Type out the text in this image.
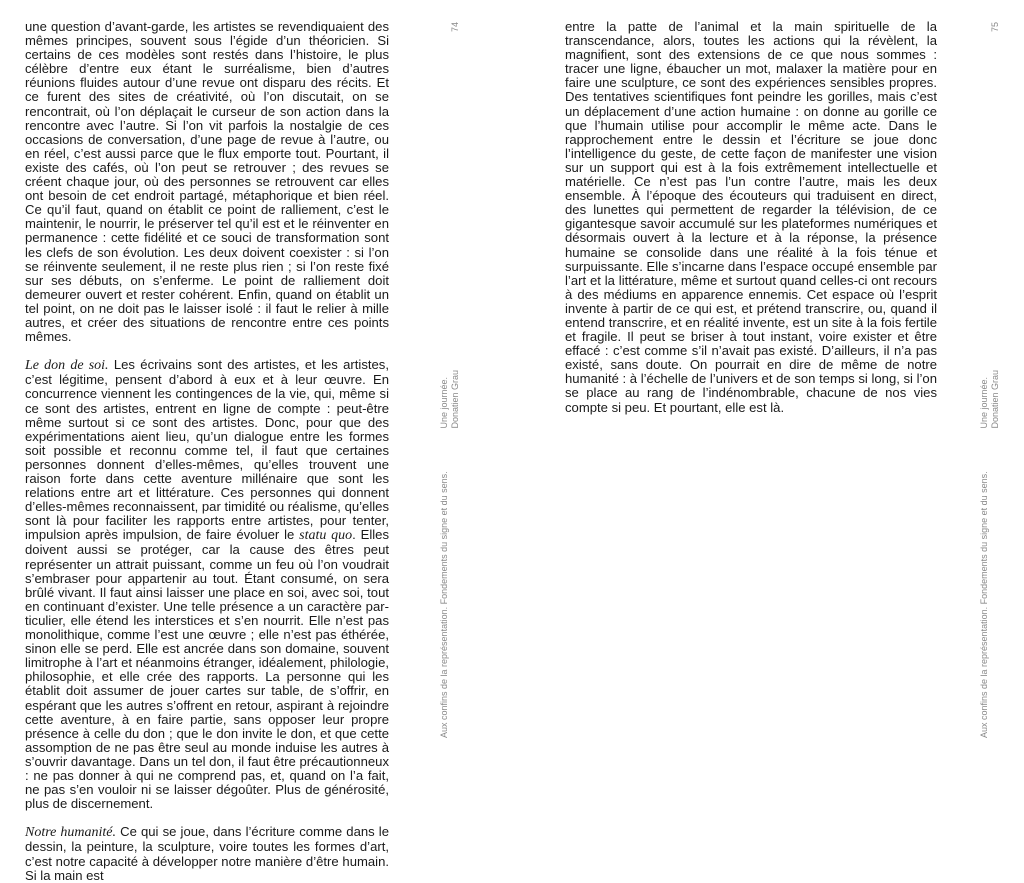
une question d’avant-garde, les artistes se revendiquaient des mêmes principes, souvent sous l’égide d’un théoricien. Si certains de ces modèles sont restés dans l’histoire, le plus célèbre d’entre eux étant le surréalisme, bien d’autres réunions fluides autour d’une revue ont disparu des récits. Et ce furent des sites de créativité, où l’on discutait, on se rencontrait, où l’on déplaçait le curseur de son action dans la rencontre avec l’autre. Si l’on vit parfois la nostalgie de ces occasions de conversation, d’une page de revue à l’autre, ou en réel, c’est aussi parce que le flux emporte tout. Pourtant, il existe des cafés, où l’on peut se retrouver ; des revues se créent chaque jour, où des personnes se retrouvent car elles ont besoin de cet endroit partagé, métaphorique et bien réel. Ce qu’il faut, quand on établit ce point de ralliement, c’est le maintenir, le nourrir, le préserver tel qu’il est et le réinventer en permanence : cette fidélité et ce souci de transformation sont les clefs de son évolution. Les deux doivent coexister : si l’on se réinvente seulement, il ne reste plus rien ; si l’on reste fixé sur ses débuts, on s’enferme. Le point de ralliement doit demeurer ouvert et rester cohérent. Enfin, quand on établit un tel point, on ne doit pas le laisser isolé : il faut le relier à mille autres, et créer des situations de rencontre entre ces points mêmes.

Le don de soi. Les écrivains sont des artistes, et les artistes, c’est légitime, pensent d’abord à eux et à leur œuvre. En concurrence viennent les contingences de la vie, qui, même si ce sont des artistes, entrent en ligne de compte : peut-être même surtout si ce sont des artistes. Donc, pour que des expérimentations aient lieu, qu’un dialogue entre les formes soit possible et reconnu comme tel, il faut que certaines personnes donnent d’elles-mêmes, qu’elles trouvent une raison forte dans cette aventure millénaire que sont les relations entre art et littérature. Ces personnes qui donnent d’elles-mêmes reconnaissent, par timidité ou réalisme, qu’elles sont là pour faciliter les rapports entre artistes, pour tenter, impulsion après impulsion, de faire évoluer le statu quo. Elles doivent aussi se protéger, car la cause des êtres peut représenter un attrait puissant, comme un feu où l’on voudrait s’embraser pour appartenir au tout. Étant consumé, on sera brûlé vivant. Il faut ainsi laisser une place en soi, avec soi, tout en continuant d’exister. Une telle présence a un caractère particulier, elle étend les interstices et s’en nourrit. Elle n’est pas monolithique, comme l’est une œuvre ; elle n’est pas éthérée, sinon elle se perd. Elle est ancrée dans son domaine, souvent limitrophe à l’art et néanmoins étranger, idéalement, philologie, philosophie, et elle crée des rapports. La personne qui les établit doit assumer de jouer cartes sur table, de s’offrir, en espérant que les autres s’offrent en retour, aspirant à rejoindre cette aventure, à en faire partie, sans opposer leur propre présence à celle du don ; que le don invite le don, et que cette assomption de ne pas être seul au monde induise les autres à s’ouvrir davantage. Dans un tel don, il faut être précautionneux : ne pas donner à qui ne comprend pas, et, quand on l’a fait, ne pas s’en vouloir ni se laisser dégoûter. Plus de générosité, plus de discernement.

Notre humanité. Ce qui se joue, dans l’écriture comme dans le dessin, la peinture, la sculpture, voire toutes les formes d’art, c’est notre capacité à développer notre manière d’être humain. Si la main est

74
Une journée.
Donatien Grau
Aux confins de la représentation. Fondements du signe et du sens.

entre la patte de l’animal et la main spirituelle de la transcendance, alors, toutes les actions qui la révèlent, la magnifient, sont des extensions de ce que nous sommes : tracer une ligne, ébaucher un mot, malaxer la matière pour en faire une sculpture, ce sont des expériences sensibles propres. Des tentatives scientifiques font peindre les gorilles, mais c’est un déplacement d’une action humaine : on donne au gorille ce que l’humain utilise pour accomplir le même acte. Dans le rapprochement entre le dessin et l’écriture se joue donc l’intelligence du geste, de cette façon de manifester une vision sur un support qui est à la fois extrêmement intellectuelle et matérielle. Ce n’est pas l’un contre l’autre, mais les deux ensemble. À l’époque des écouteurs qui traduisent en direct, des lunettes qui permettent de regarder la télévision, de ce gigantesque savoir accumulé sur les plateformes numériques et désormais ouvert à la lecture et à la réponse, la présence humaine se consolide dans une réalité à la fois ténue et surpuissante. Elle s’incarne dans l’espace occupé ensemble par l’art et la littérature, même et surtout quand celles-ci ont recours à des médiums en apparence ennemis. Cet espace où l’esprit invente à partir de ce qui est, et prétend transcrire, ou, quand il entend transcrire, et en réalité invente, est un site à la fois fertile et fragile. Il peut se briser à tout instant, voire exister et être effacé : c’est comme s’il n’avait pas existé. D’ailleurs, il n’a pas existé, sans doute. On pourrait en dire de même de notre humanité : à l’échelle de l’univers et de son temps si long, si l’on se place au rang de l’indénombrable, chacune de nos vies compte si peu. Et pourtant, elle est là.

75
Une journée.
Donatien Grau
Aux confins de la représentation. Fondements du signe et du sens.
